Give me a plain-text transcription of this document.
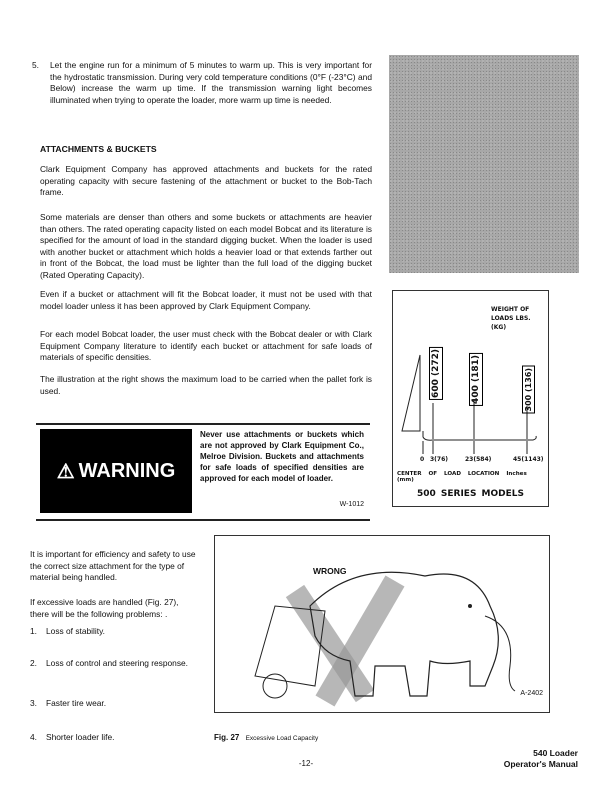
5. Let the engine run for a minimum of 5 minutes to warm up. This is very important for the hydrostatic transmission. During very cold temperature conditions (0°F (-23°C) and Below) increase the warm up time. If the transmission warning light becomes illuminated when trying to operate the loader, more warm up time is needed.
ATTACHMENTS & BUCKETS
Clark Equipment Company has approved attachments and buckets for the rated operating capacity with secure fastening of the attachment or bucket to the Bob-Tach frame.
Some materials are denser than others and some buckets or attachments are heavier than others. The rated operating capacity listed on each model Bobcat and its literature is specified for the amount of load in the standard digging bucket. When the loader is used with another bucket or attachment which holds a heavier load or that extends farther out in front of the Bobcat, the load must be lighter than the full load of the digging bucket (Rated Operating Capacity).
Even if a bucket or attachment will fit the Bobcat loader, it must not be used with that model loader unless it has been approved by Clark Equipment Company.
For each model Bobcat loader, the user must check with the Bobcat dealer or with Clark Equipment Company literature to identify each bucket or attachment for safe loads of materials of specific densities.
The illustration at the right shows the maximum load to be carried when the pallet fork is used.
⚠ WARNING
Never use attachments or buckets which are not approved by Clark Equipment Co., Melroe Division. Buckets and attachments for safe loads of specified densities are approved for each model of loader.
W-1012
WEIGHT OF LOADS LBS.(KG)
600 (272)	400 (181)	300 (136)
0 3(76)	23(584)	45(1143)
CENTER OF LOAD LOCATION Inches (mm)
500 SERIES MODELS
It is important for efficiency and safety to use the correct size attachment for the type of material being handled.
If excessive loads are handled (Fig. 27), there will be the following problems: .
1. Loss of stability.
2. Loss of control and steering response.
3. Faster tire wear.
4. Shorter loader life.
WRONG
A-2402
Fig. 27 Excessive Load Capacity
540 Loader
Operator's Manual
-12-
